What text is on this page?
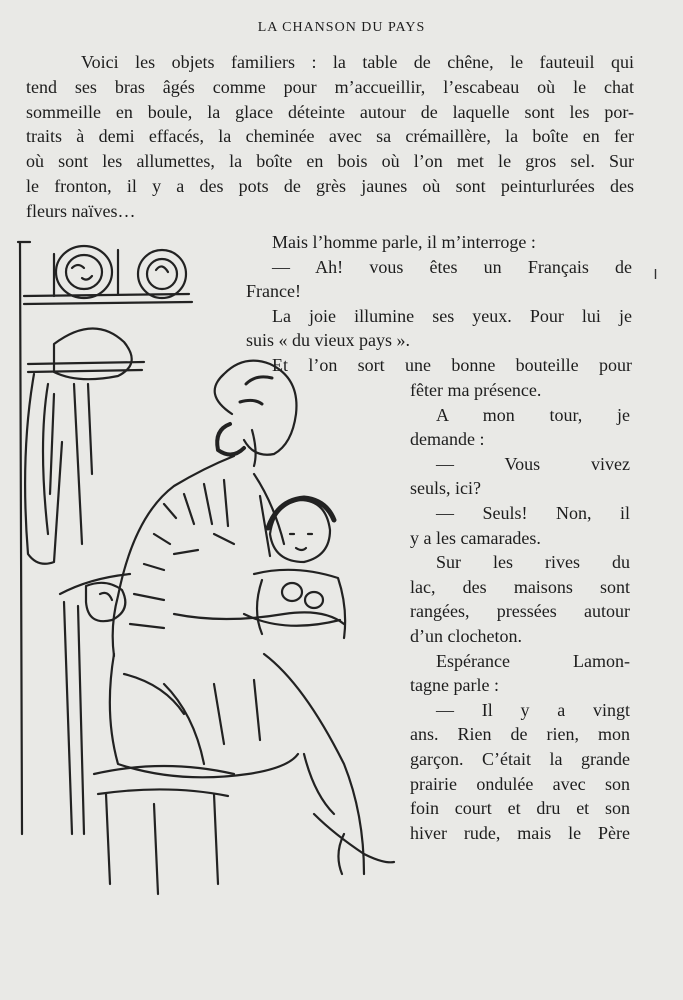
LA CHANSON DU PAYS
Voici les objets familiers : la table de chêne, le fauteuil qui
tend ses bras âgés comme pour m’accueillir, l’escabeau où le chat
sommeille en boule, la glace déteinte autour de laquelle sont les por-
traits à demi effacés, la cheminée avec sa crémaillère, la boîte en fer
où sont les allumettes, la boîte en bois où l’on met le gros sel. Sur
le fronton, il y a des pots de grès jaunes où sont peinturlurées des
fleurs naïves…
Mais l’homme parle, il m’interroge :
— Ah! vous êtes un Français de
France!
La joie illumine ses yeux. Pour lui je
suis « du vieux pays ».
Et l’on sort une bonne bouteille pour
fêter ma présence.
A mon tour, je
demande :
— Vous vivez
seuls, ici?
— Seuls! Non, il
y a les camarades.
Sur les rives du
lac, des maisons sont
rangées, pressées autour
d’un clocheton.
Espérance Lamon-
tagne parle :
— Il y a vingt
ans. Rien de rien, mon
garçon. C’était la grande
prairie ondulée avec son
foin court et dru et son
hiver rude, mais le Père
